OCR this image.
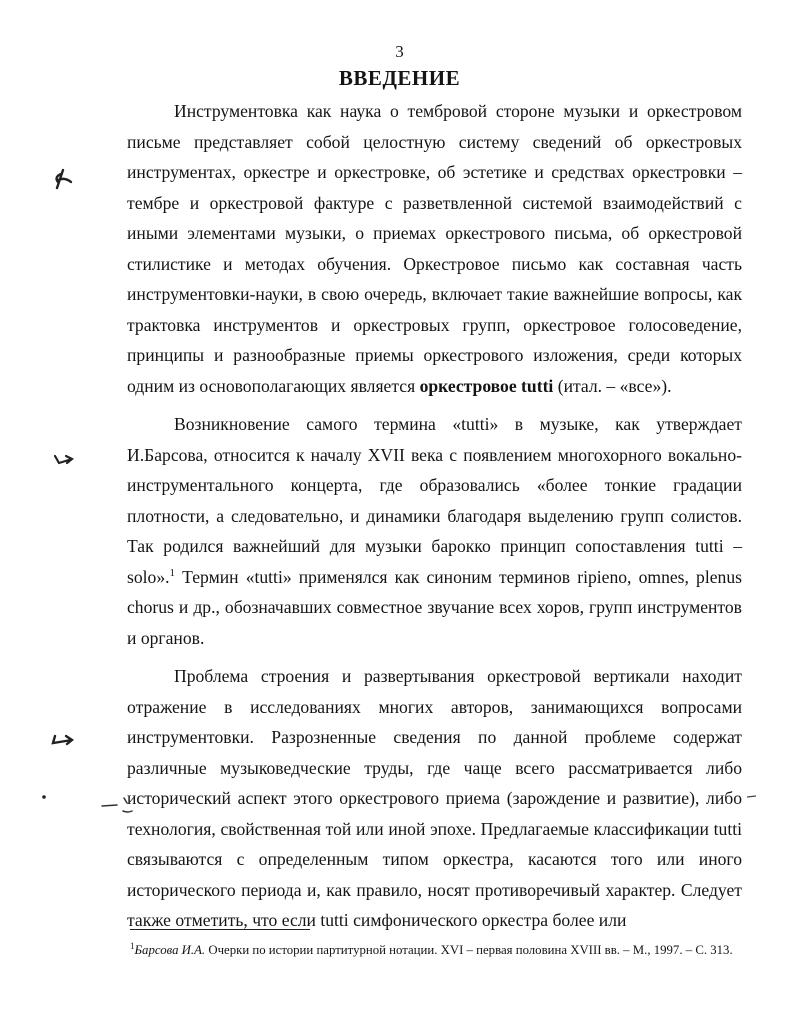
3
ВВЕДЕНИЕ

Инструментовка как наука о тембровой стороне музыки и оркестровом письме представляет собой целостную систему сведений об оркестровых инструментах, оркестре и оркестровке, об эстетике и средствах оркестровки – тембре и оркестровой фактуре с разветвленной системой взаимодействий с иными элементами музыки, о приемах оркестрового письма, об оркестровой стилистике и методах обучения. Оркестровое письмо как составная часть инструментовки-науки, в свою очередь, включает такие важнейшие вопросы, как трактовка инструментов и оркестровых групп, оркестровое голосоведение, принципы и разнообразные приемы оркестрового изложения, среди которых одним из основополагающих является оркестровое tutti (итал. – «все»).

Возникновение самого термина «tutti» в музыке, как утверждает И.Барсова, относится к началу XVII века с появлением многохорного вокально-инструментального концерта, где образовались «более тонкие градации плотности, а следовательно, и динамики благодаря выделению групп солистов. Так родился важнейший для музыки барокко принцип сопоставления tutti – solo».$^1$ Термин «tutti» применялся как синоним терминов ripieno, omnes, plenus chorus и др., обозначавших совместное звучание всех хоров, групп инструментов и органов.

Проблема строения и развертывания оркестровой вертикали находит отражение в исследованиях многих авторов, занимающихся вопросами инструментовки. Разрозненные сведения по данной проблеме содержат различные музыковедческие труды, где чаще всего рассматривается либо исторический аспект этого оркестрового приема (зарождение и развитие), либо технология, свойственная той или иной эпохе. Предлагаемые классификации tutti связываются с определенным типом оркестра, касаются того или иного исторического периода и, как правило, носят противоречивый характер. Следует также отметить, что если tutti симфонического оркестра более или

$^1$Барсова И.А. Очерки по истории партитурной нотации. XVI – первая половина XVIII вв. – М., 1997. – С. 313.
